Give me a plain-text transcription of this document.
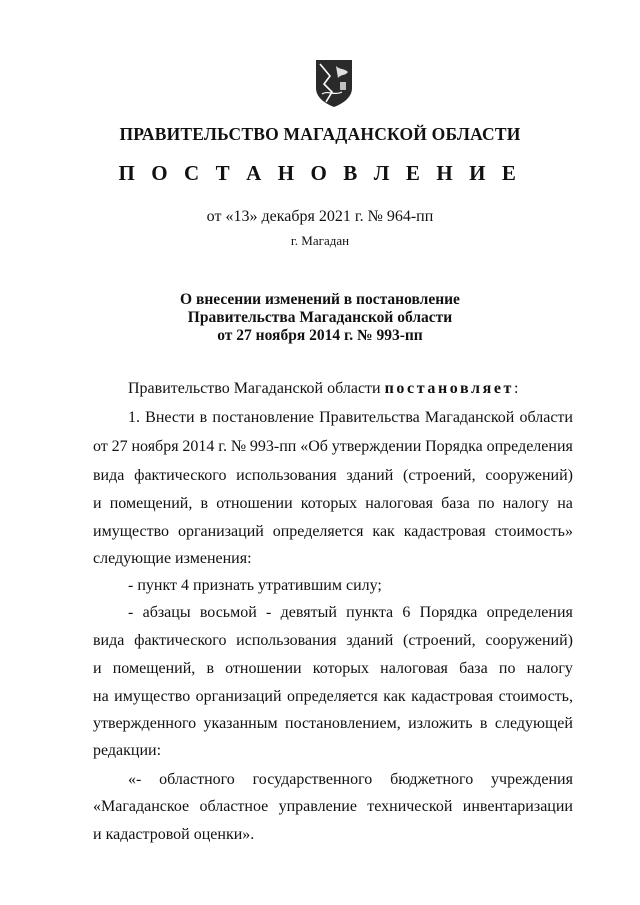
ПРАВИТЕЛЬСТВО МАГАДАНСКОЙ ОБЛАСТИ
П О С Т А Н О В Л Е Н И Е
от «13» декабря 2021 г. № 964-пп
г. Магадан
О внесении изменений в постановление
Правительства Магаданской области
от 27 ноября 2014 г. № 993-пп
Правительство Магаданской области постановляет:
1. Внести в постановление Правительства Магаданской области
от 27 ноября 2014 г. № 993-пп «Об утверждении Порядка определения
вида фактического использования зданий (строений, сооружений)
и помещений, в отношении которых налоговая база по налогу на
имущество организаций определяется как кадастровая стоимость»
следующие изменения:
- пункт 4 признать утратившим силу;
- абзацы восьмой - девятый пункта 6 Порядка определения
вида фактического использования зданий (строений, сооружений)
и помещений, в отношении которых налоговая база по налогу
на имущество организаций определяется как кадастровая стоимость,
утвержденного указанным постановлением, изложить в следующей
редакции:
«- областного государственного бюджетного учреждения
«Магаданское областное управление технической инвентаризации
и кадастровой оценки».
